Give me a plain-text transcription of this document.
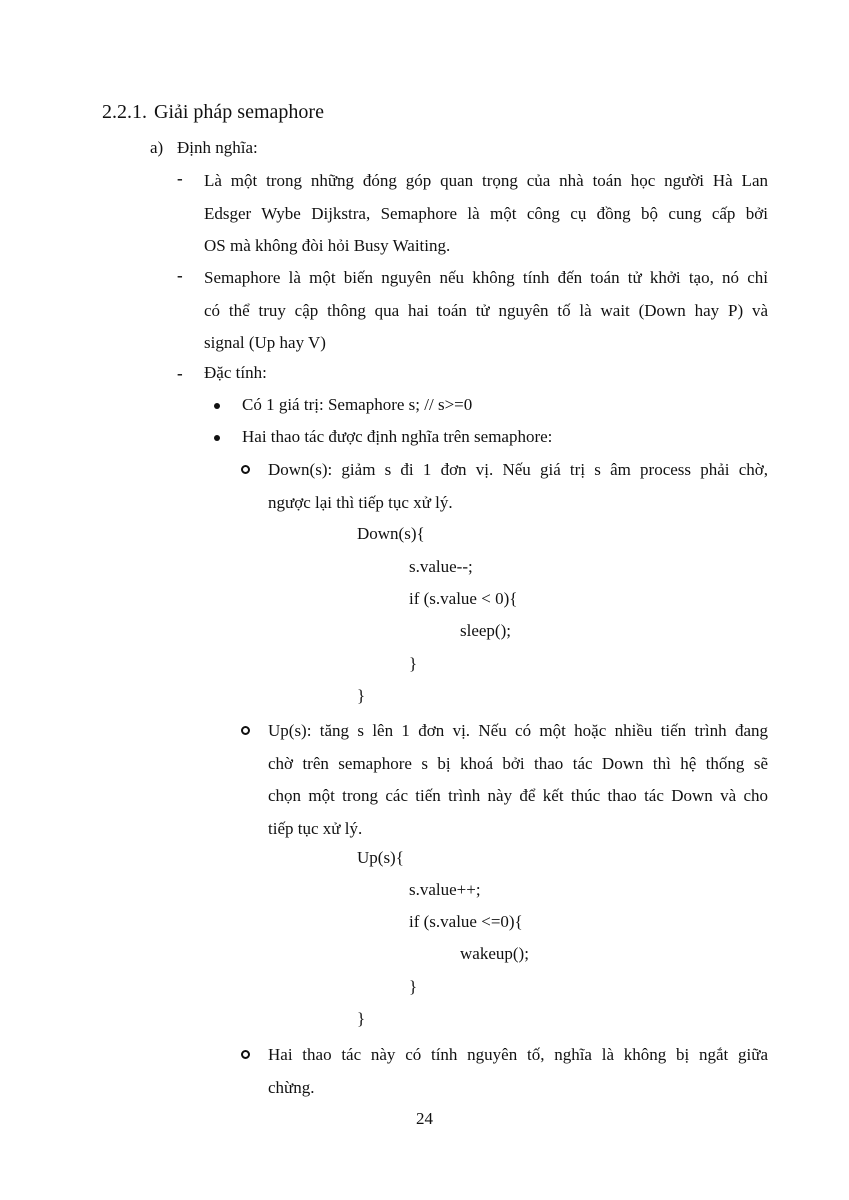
2.2.1. Giải pháp semaphore
a) Định nghĩa:
- Là một trong những đóng góp quan trọng của nhà toán học người Hà Lan
Edsger Wybe Dijkstra, Semaphore là một công cụ đồng bộ cung cấp bởi
OS mà không đòi hỏi Busy Waiting.
- Semaphore là một biến nguyên nếu không tính đến toán tử khởi tạo, nó chỉ
có thể truy cập thông qua hai toán tử nguyên tố là wait (Down hay P) và
signal (Up hay V)
- Đặc tính:
Có 1 giá trị: Semaphore s; // s>=0
Hai thao tác được định nghĩa trên semaphore:
Down(s): giảm s đi 1 đơn vị. Nếu giá trị s âm process phải chờ,
ngược lại thì tiếp tục xử lý.
Down(s){
s.value--;
if (s.value < 0){
sleep();
}
}
Up(s): tăng s lên 1 đơn vị. Nếu có một hoặc nhiều tiến trình đang
chờ trên semaphore s bị khoá bởi thao tác Down thì hệ thống sẽ
chọn một trong các tiến trình này để kết thúc thao tác Down và cho
tiếp tục xử lý.
Up(s){
s.value++;
if (s.value <=0){
wakeup();
}
}
Hai thao tác này có tính nguyên tố, nghĩa là không bị ngắt giữa
chừng.
24
